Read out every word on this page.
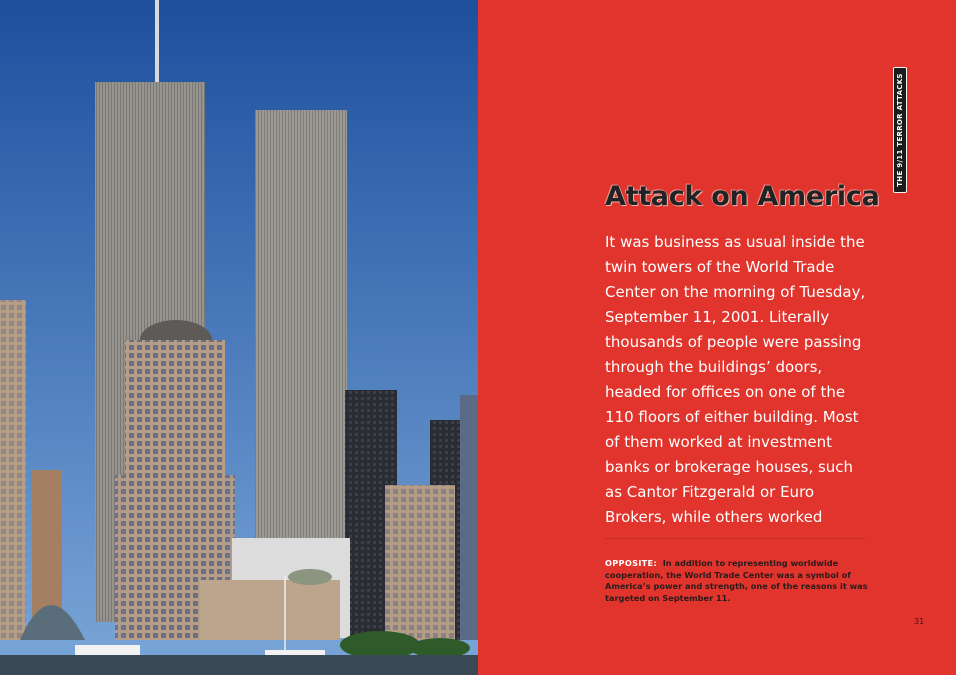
THE 9/11 TERROR ATTACKS
Attack on America
It was business as usual inside the
twin towers of the World Trade
Center on the morning of Tuesday,
September 11, 2001. Literally
thousands of people were passing
through the buildings’ doors,
headed for offices on one of the
110 floors of either building. Most
of them worked at investment
banks or brokerage houses, such
as Cantor Fitzgerald or Euro
Brokers, while others worked
OPPOSITE: In addition to representing worldwide
cooperation, the World Trade Center was a symbol of
America’s power and strength, one of the reasons it was
targeted on September 11.
31
